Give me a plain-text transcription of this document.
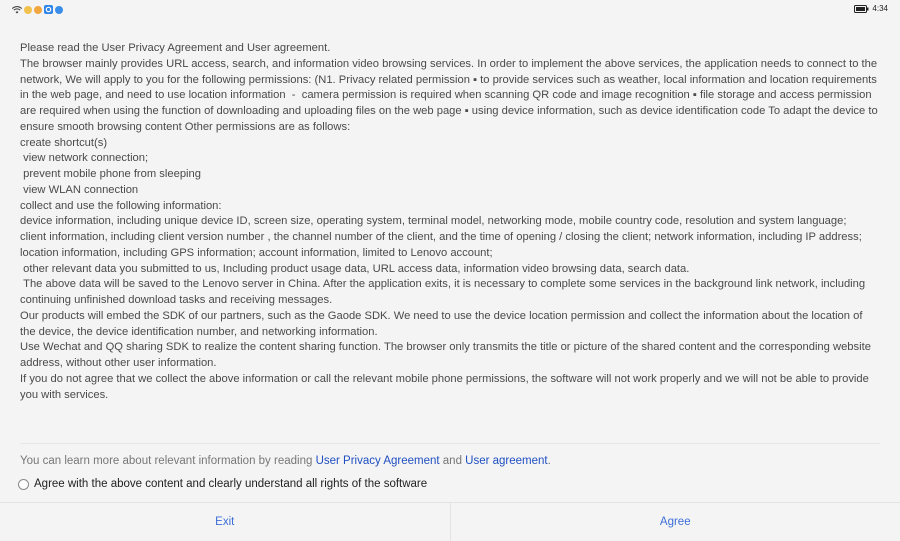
4:34

Please read the User Privacy Agreement and User agreement.

The browser mainly provides URL access, search, and information video browsing services. In order to implement the above services, the application needs to connect to the network, We will apply to you for the following permissions: (N1. Privacy related permission ▪ to provide services such as weather, local information and location requirements in the web page, and need to use location information  -  camera permission is required when scanning QR code and image recognition ▪ file storage and access permission are required when using the function of downloading and uploading files on the web page ▪ using device information, such as device identification code To adapt the device to ensure smooth browsing content Other permissions are as follows:

create shortcut(s)

view network connection;

prevent mobile phone from sleeping

view WLAN connection

collect and use the following information:

device information, including unique device ID, screen size, operating system, terminal model, networking mode, mobile country code, resolution and system language;

client information, including client version number , the channel number of the client, and the time of opening / closing the client; network information, including IP address; location information, including GPS information; account information, limited to Lenovo account;

other relevant data you submitted to us, Including product usage data, URL access data, information video browsing data, search data.

The above data will be saved to the Lenovo server in China. After the application exits, it is necessary to complete some services in the background link network, including continuing unfinished download tasks and receiving messages.

Our products will embed the SDK of our partners, such as the Gaode SDK. We need to use the device location permission and collect the information about the location of the device, the device identification number, and networking information.

Use Wechat and QQ sharing SDK to realize the content sharing function. The browser only transmits the title or picture of the shared content and the corresponding website address, without other user information.

If you do not agree that we collect the above information or call the relevant mobile phone permissions, the software will not work properly and we will not be able to provide you with services.

You can learn more about relevant information by reading User Privacy Agreement and User agreement.
Agree with the above content and clearly understand all rights of the software
Exit	Agree
